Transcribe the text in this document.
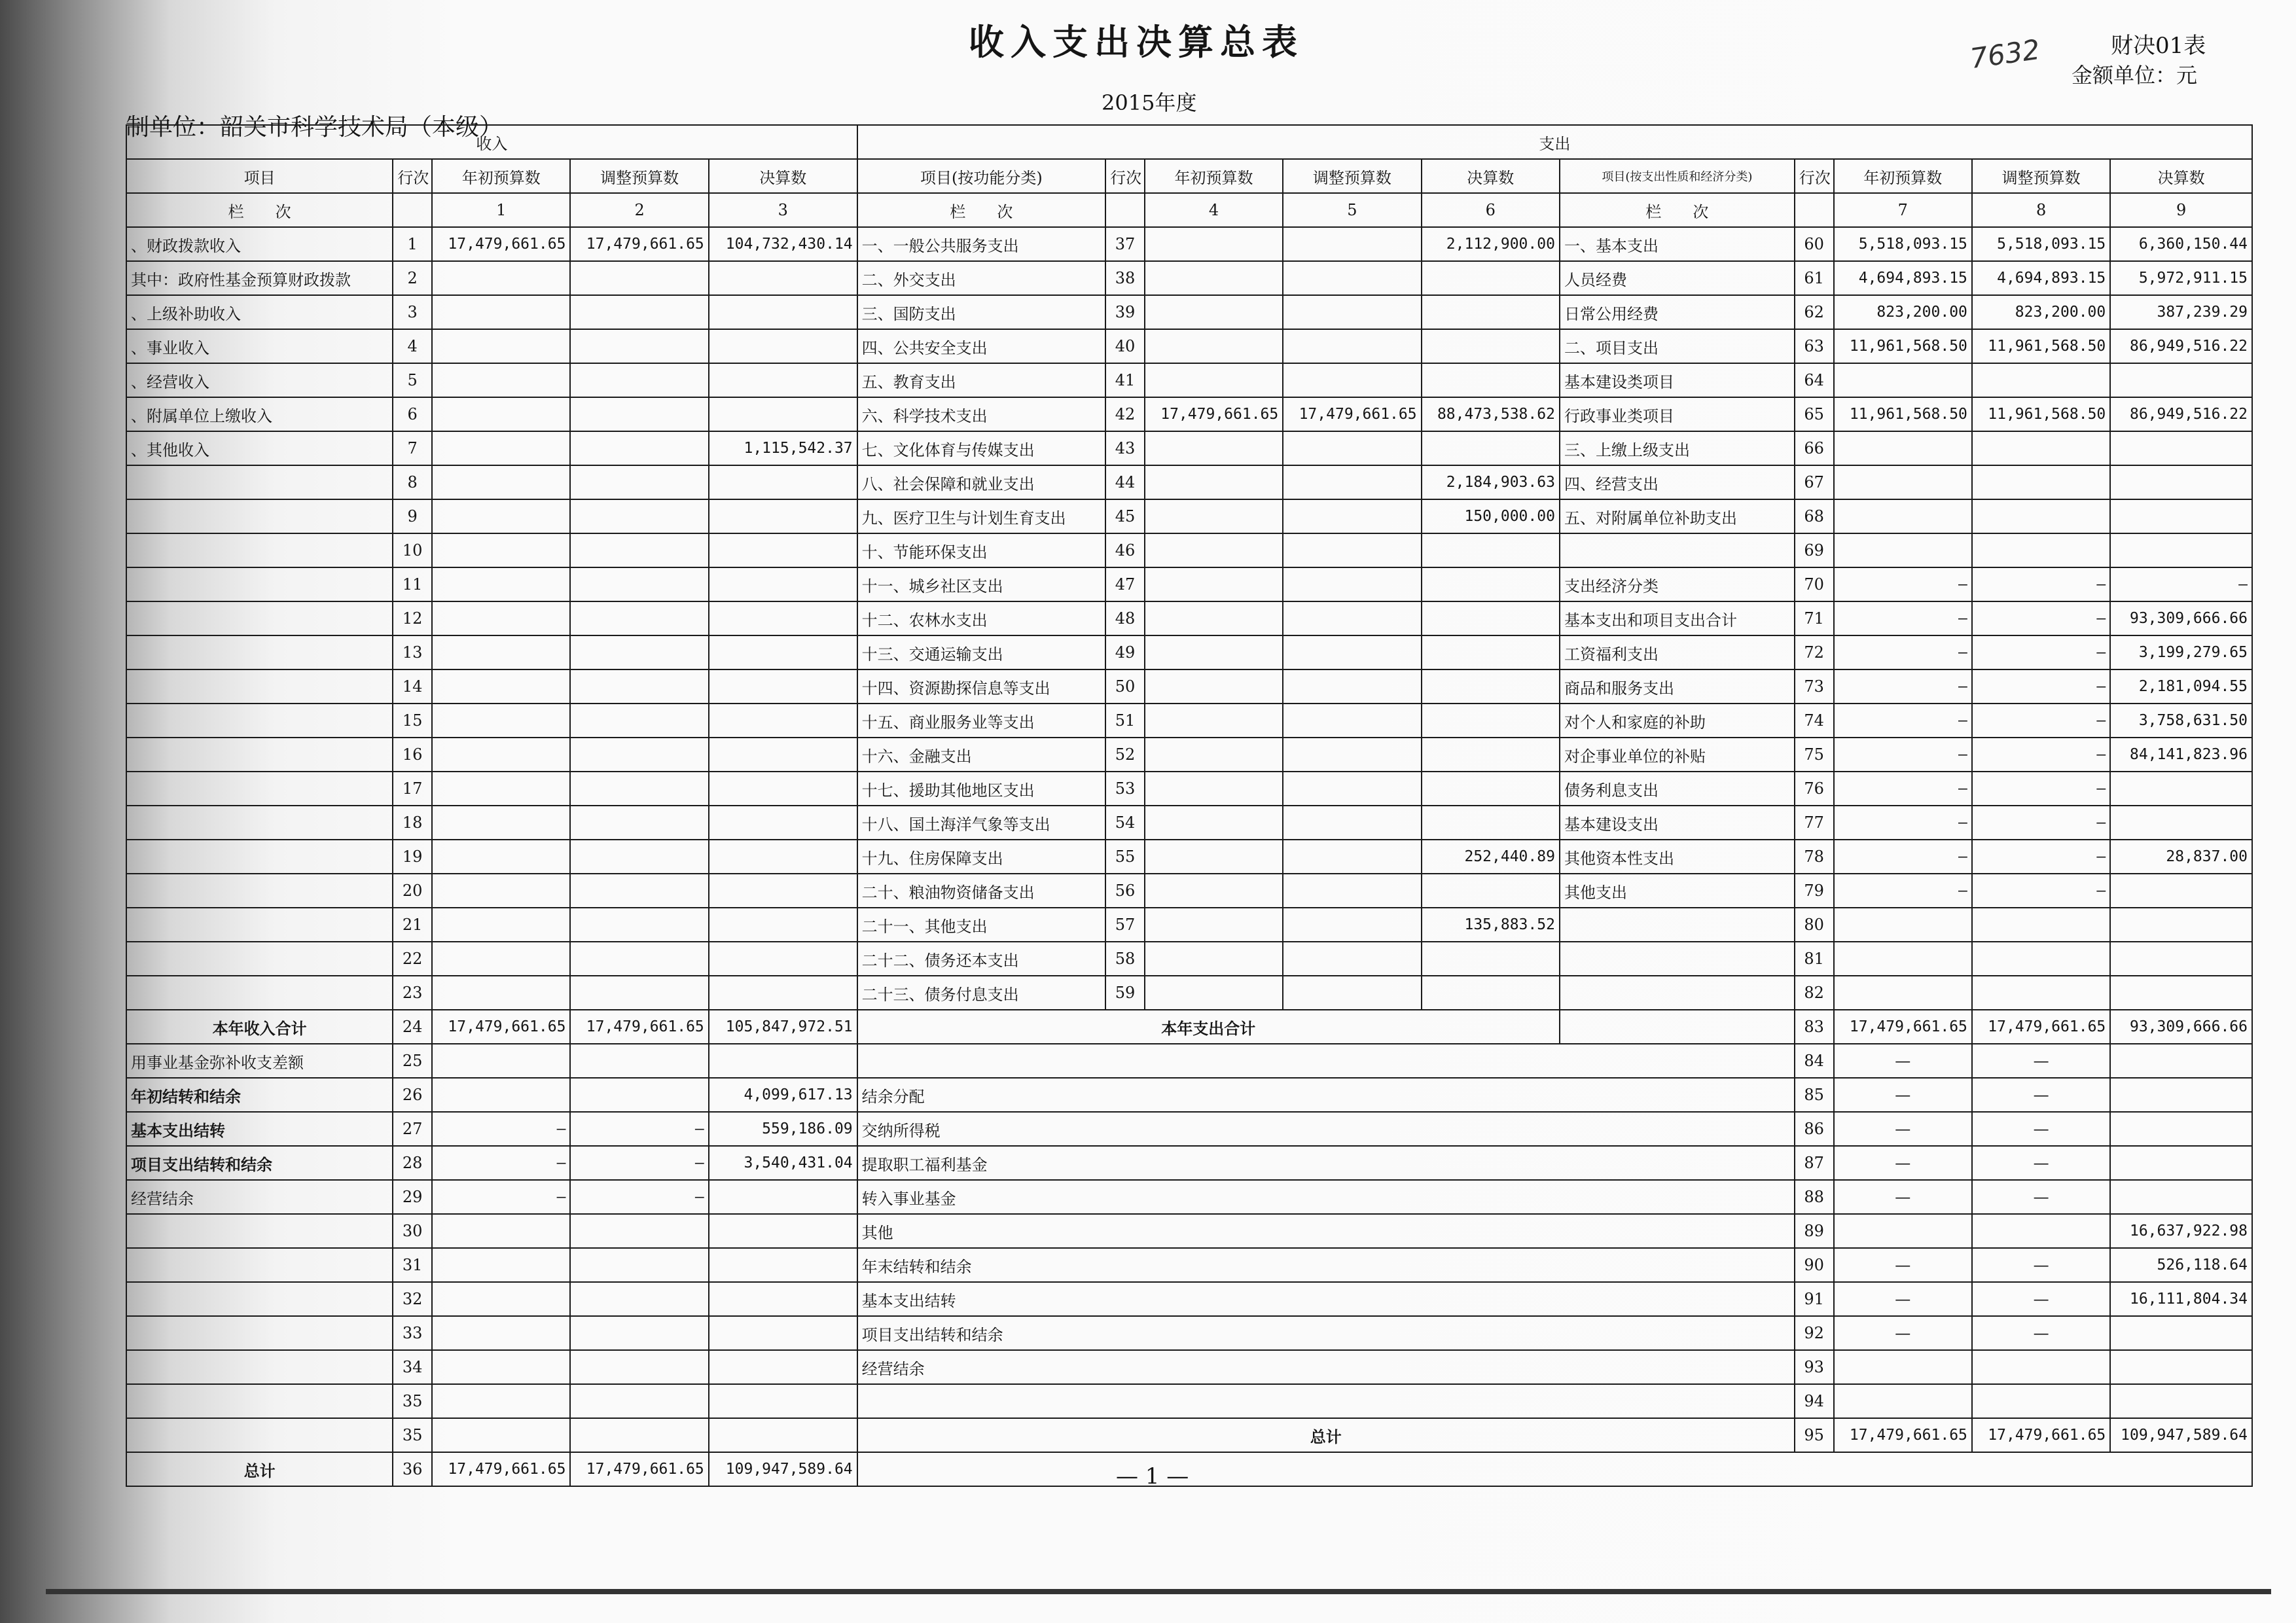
收入支出决算总表	7632	财决01表
金额单位：元
2015年度
制单位：韶关市科学技术局（本级）
收入					支出									
项目	行次	年初预算数	调整预算数	决算数	项目(按功能分类)	行次	年初预算数	调整预算数	决算数	项目(按支出性质和经济分类)	行次	年初预算数	调整预算数	决算数
栏　　次		1	2	3	栏　　次		4	5	6	栏　　次		7	8	9
、财政拨款收入	1	17,479,661.65	17,479,661.65	104,732,430.14	一、一般公共服务支出	37			2,112,900.00	一、基本支出	60	5,518,093.15	5,518,093.15	6,360,150.44
其中：政府性基金预算财政拨款	2				二、外交支出	38				人员经费	61	4,694,893.15	4,694,893.15	5,972,911.15
、上级补助收入	3				三、国防支出	39				日常公用经费	62	823,200.00	823,200.00	387,239.29
、事业收入	4				四、公共安全支出	40				二、项目支出	63	11,961,568.50	11,961,568.50	86,949,516.22
、经营收入	5				五、教育支出	41				基本建设类项目	64			
、附属单位上缴收入	6				六、科学技术支出	42	17,479,661.65	17,479,661.65	88,473,538.62	行政事业类项目	65	11,961,568.50	11,961,568.50	86,949,516.22
、其他收入	7			1,115,542.37	七、文化体育与传媒支出	43				三、上缴上级支出	66			
	8				八、社会保障和就业支出	44			2,184,903.63	四、经营支出	67			
	9				九、医疗卫生与计划生育支出	45			150,000.00	五、对附属单位补助支出	68			
	10				十、节能环保支出	46					69			
	11				十一、城乡社区支出	47				支出经济分类	70	—	—	—
	12				十二、农林水支出	48				基本支出和项目支出合计	71	—	—	93,309,666.66
	13				十三、交通运输支出	49				工资福利支出	72	—	—	3,199,279.65
	14				十四、资源勘探信息等支出	50				商品和服务支出	73	—	—	2,181,094.55
	15				十五、商业服务业等支出	51				对个人和家庭的补助	74	—	—	3,758,631.50
	16				十六、金融支出	52				对企事业单位的补贴	75	—	—	84,141,823.96
	17				十七、援助其他地区支出	53				债务利息支出	76	—	—	
	18				十八、国土海洋气象等支出	54				基本建设支出	77	—	—	
	19				十九、住房保障支出	55			252,440.89	其他资本性支出	78	—	—	28,837.00
	20				二十、粮油物资储备支出	56				其他支出	79	—	—	
	21				二十一、其他支出	57			135,883.52		80			
	22				二十二、债务还本支出	58					81			
	23				二十三、债务付息支出	59					82			
本年收入合计	24	17,479,661.65	17,479,661.65	105,847,972.51	本年支出合计						83	17,479,661.65	17,479,661.65	93,309,666.66
用事业基金弥补收支差额	25										84	—	—	
年初结转和结余	26			4,099,617.13	结余分配						85	—	—	
基本支出结转	27	—	—	559,186.09	交纳所得税						86	—	—	
项目支出结转和结余	28	—	—	3,540,431.04	提取职工福利基金						87	—	—	
经营结余	29	—	—		转入事业基金						88	—	—	
	30				其他						89			16,637,922.98
	31				年末结转和结余						90	—	—	526,118.64
	32				基本支出结转						91	—	—	16,111,804.34
	33				项目支出结转和结余						92	—	—	
	34				经营结余						93			
	35										94			
	35				总计						95	17,479,661.65	17,479,661.65	109,947,589.64
总计	36	17,479,661.65	17,479,661.65	109,947,589.64											— 1 —
